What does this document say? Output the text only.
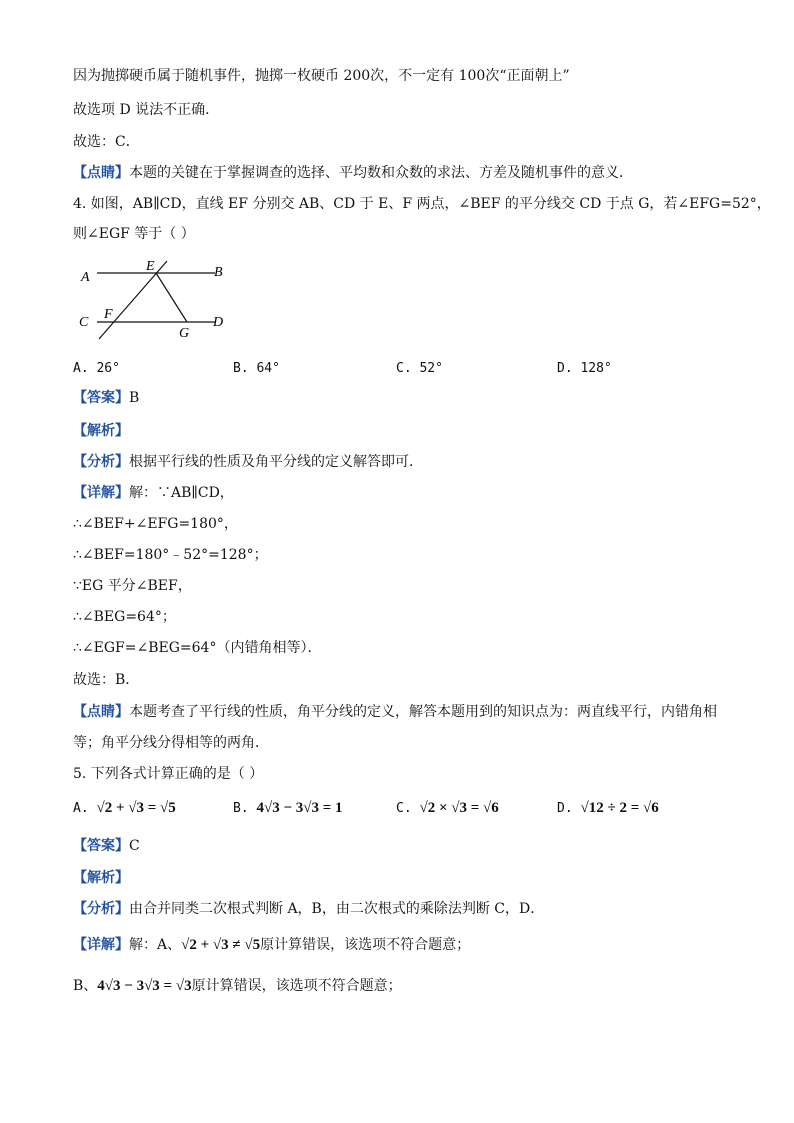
因为抛掷硬币属于随机事件，抛掷一枚硬币 200次，不一定有 100次“正面朝上”
故选项 D 说法不正确．
故选：C．
【点睛】本题的关键在于掌握调查的选择、平均数和众数的求法、方差及随机事件的意义．
4. 如图，AB∥CD，直线 EF 分别交 AB、CD 于 E、F 两点，∠BEF 的平分线交 CD 于点 G，若∠EFG=52°，
则∠EGF 等于（ ）
A	B
C	D
E
F
G
A. 26°	B. 64°	C. 52°	D. 128°
【答案】B
【解析】
【分析】根据平行线的性质及角平分线的定义解答即可．
【详解】解：∵AB∥CD，
∴∠BEF+∠EFG=180°，
∴∠BEF=180°﹣52°=128°；
∵EG 平分∠BEF，
∴∠BEG=64°；
∴∠EGF=∠BEG=64°（内错角相等）．
故选：B．
【点睛】本题考查了平行线的性质，角平分线的定义，解答本题用到的知识点为：两直线平行，内错角相
等；角平分线分得相等的两角．
5. 下列各式计算正确的是（ ）
A. √2 + √3 = √5	B. 4√3 − 3√3 = 1	C. √2 × √3 = √6	D. √12 ÷ 2 = √6
【答案】C
【解析】
【分析】由合并同类二次根式判断 A，B，由二次根式的乘除法判断 C，D．
【详解】解：A、√2 + √3 ≠ √5原计算错误，该选项不符合题意；
B、4√3 − 3√3 = √3原计算错误，该选项不符合题意；
